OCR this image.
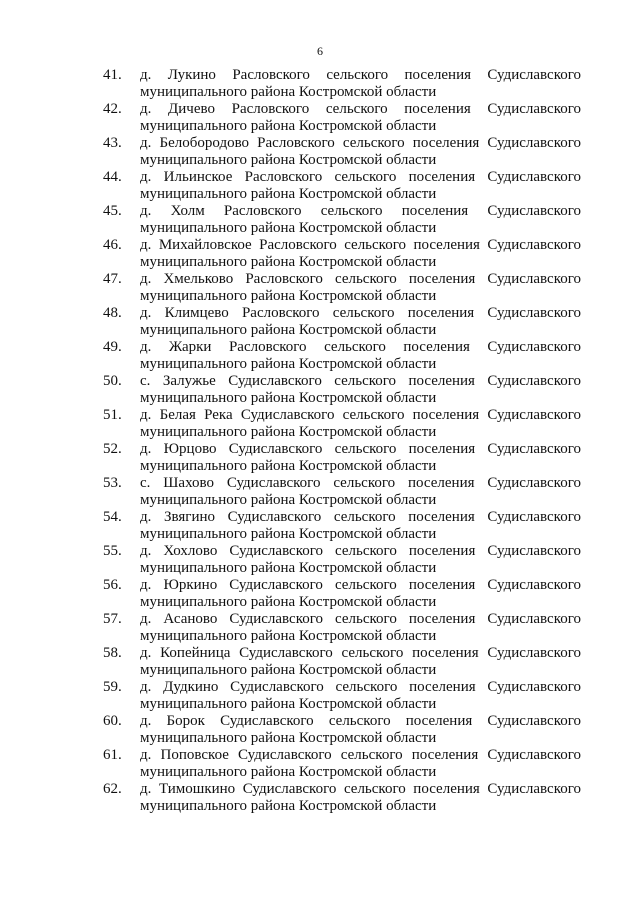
6
41.	д. Лукино Расловского сельского поселения Судиславского
муниципального района Костромской области
42.	д. Дичево Расловского сельского поселения Судиславского
муниципального района Костромской области
43.	д. Белобородово Расловского сельского поселения Судиславского
муниципального района Костромской области
44.	д. Ильинское Расловского сельского поселения Судиславского
муниципального района Костромской области
45.	д. Холм Расловского сельского поселения Судиславского
муниципального района Костромской области
46.	д. Михайловское Расловского сельского поселения Судиславского
муниципального района Костромской области
47.	д. Хмельково Расловского сельского поселения Судиславского
муниципального района Костромской области
48.	д. Климцево Расловского сельского поселения Судиславского
муниципального района Костромской области
49.	д. Жарки Расловского сельского поселения Судиславского
муниципального района Костромской области
50.	с. Залужье Судиславского сельского поселения Судиславского
муниципального района Костромской области
51.	д. Белая Река Судиславского сельского поселения Судиславского
муниципального района Костромской области
52.	д. Юрцово Судиславского сельского поселения Судиславского
муниципального района Костромской области
53.	с. Шахово Судиславского сельского поселения Судиславского
муниципального района Костромской области
54.	д. Звягино Судиславского сельского поселения Судиславского
муниципального района Костромской области
55.	д. Хохлово Судиславского сельского поселения Судиславского
муниципального района Костромской области
56.	д. Юркино Судиславского сельского поселения Судиславского
муниципального района Костромской области
57.	д. Асаново Судиславского сельского поселения Судиславского
муниципального района Костромской области
58.	д. Копейница Судиславского сельского поселения Судиславского
муниципального района Костромской области
59.	д. Дудкино Судиславского сельского поселения Судиславского
муниципального района Костромской области
60.	д. Борок Судиславского сельского поселения Судиславского
муниципального района Костромской области
61.	д. Поповское Судиславского сельского поселения Судиславского
муниципального района Костромской области
62.	д. Тимошкино Судиславского сельского поселения Судиславского
муниципального района Костромской области
